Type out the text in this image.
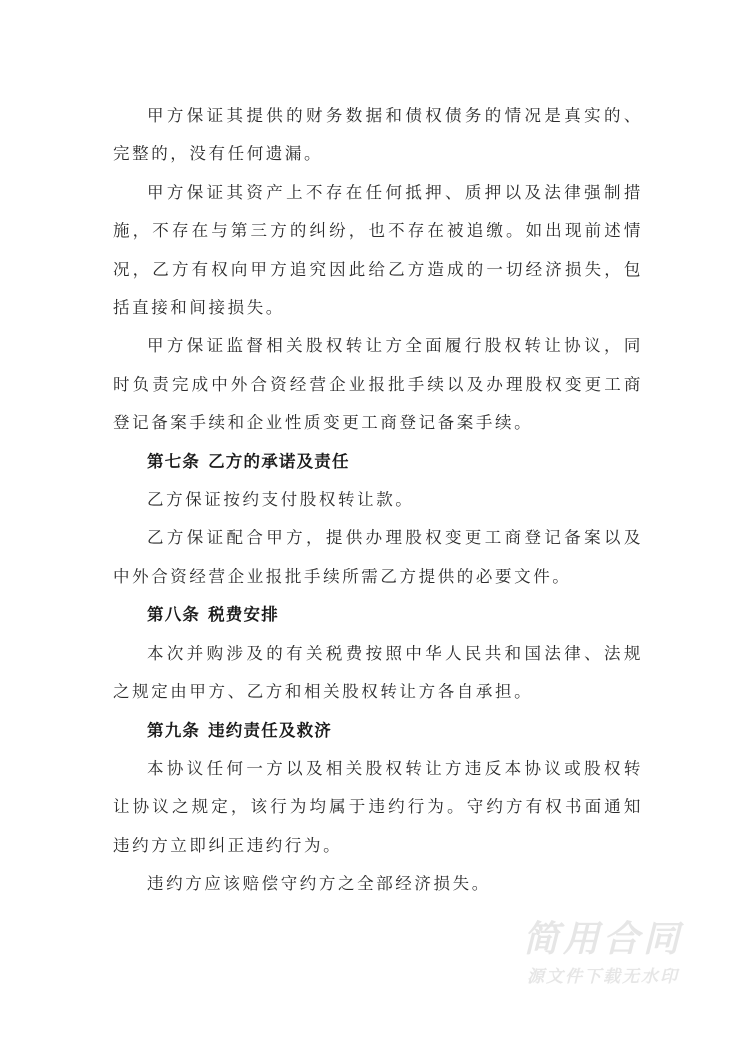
甲方保证其提供的财务数据和债权债务的情况是真实的、完整的，没有任何遗漏。

甲方保证其资产上不存在任何抵押、质押以及法律强制措施，不存在与第三方的纠纷，也不存在被追缴。如出现前述情况，乙方有权向甲方追究因此给乙方造成的一切经济损失，包括直接和间接损失。

甲方保证监督相关股权转让方全面履行股权转让协议，同时负责完成中外合资经营企业报批手续以及办理股权变更工商登记备案手续和企业性质变更工商登记备案手续。

第七条 乙方的承诺及责任

乙方保证按约支付股权转让款。

乙方保证配合甲方，提供办理股权变更工商登记备案以及中外合资经营企业报批手续所需乙方提供的必要文件。

第八条 税费安排

本次并购涉及的有关税费按照中华人民共和国法律、法规之规定由甲方、乙方和相关股权转让方各自承担。

第九条 违约责任及救济

本协议任何一方以及相关股权转让方违反本协议或股权转让协议之规定，该行为均属于违约行为。守约方有权书面通知违约方立即纠正违约行为。

违约方应该赔偿守约方之全部经济损失。

简用合同
源文件下载无水印
